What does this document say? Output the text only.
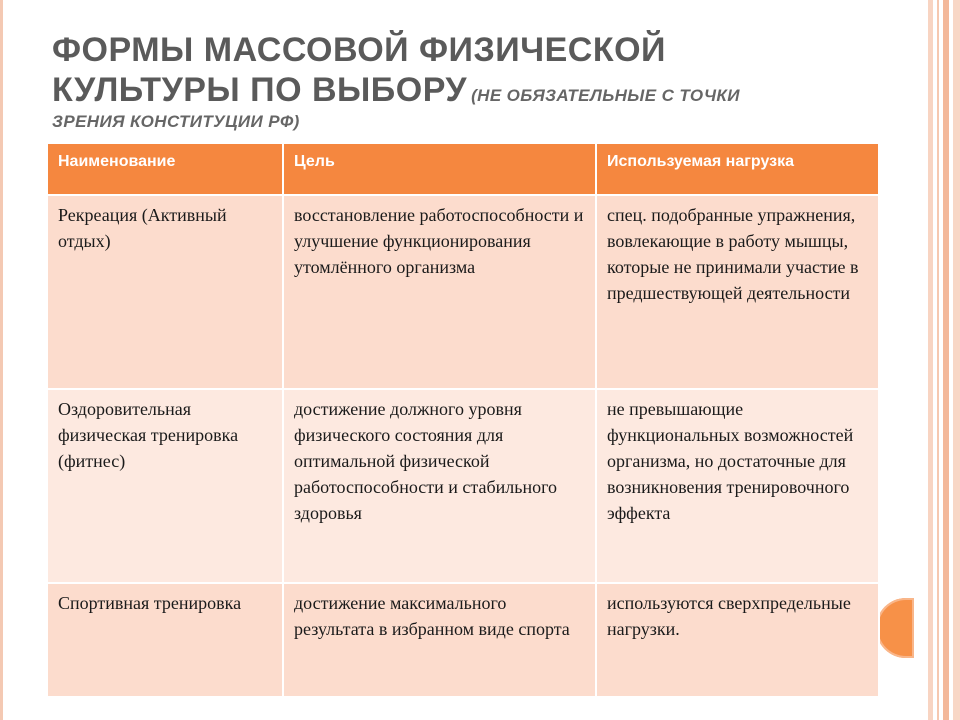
ФОРМЫ МАССОВОЙ ФИЗИЧЕСКОЙ
КУЛЬТУРЫ ПО ВЫБОРУ (НЕ ОБЯЗАТЕЛЬНЫЕ С ТОЧКИ
ЗРЕНИЯ КОНСТИТУЦИИ РФ)
Наименование	Цель	Используемая нагрузка
Рекреация (Активный отдых)	восстановление работоспособности и улучшение функционирования утомлённого организма	спец. подобранные упражнения, вовлекающие в работу мышцы, которые не принимали участие в предшествующей деятельности
Оздоровительная физическая тренировка (фитнес)	достижение должного уровня физического состояния для оптимальной физической работоспособности и стабильного здоровья	не превышающие функциональных возможностей организма, но достаточные для возникновения тренировочного эффекта
Спортивная тренировка	достижение максимального результата в избранном виде спорта	используются сверхпредельные нагрузки.
